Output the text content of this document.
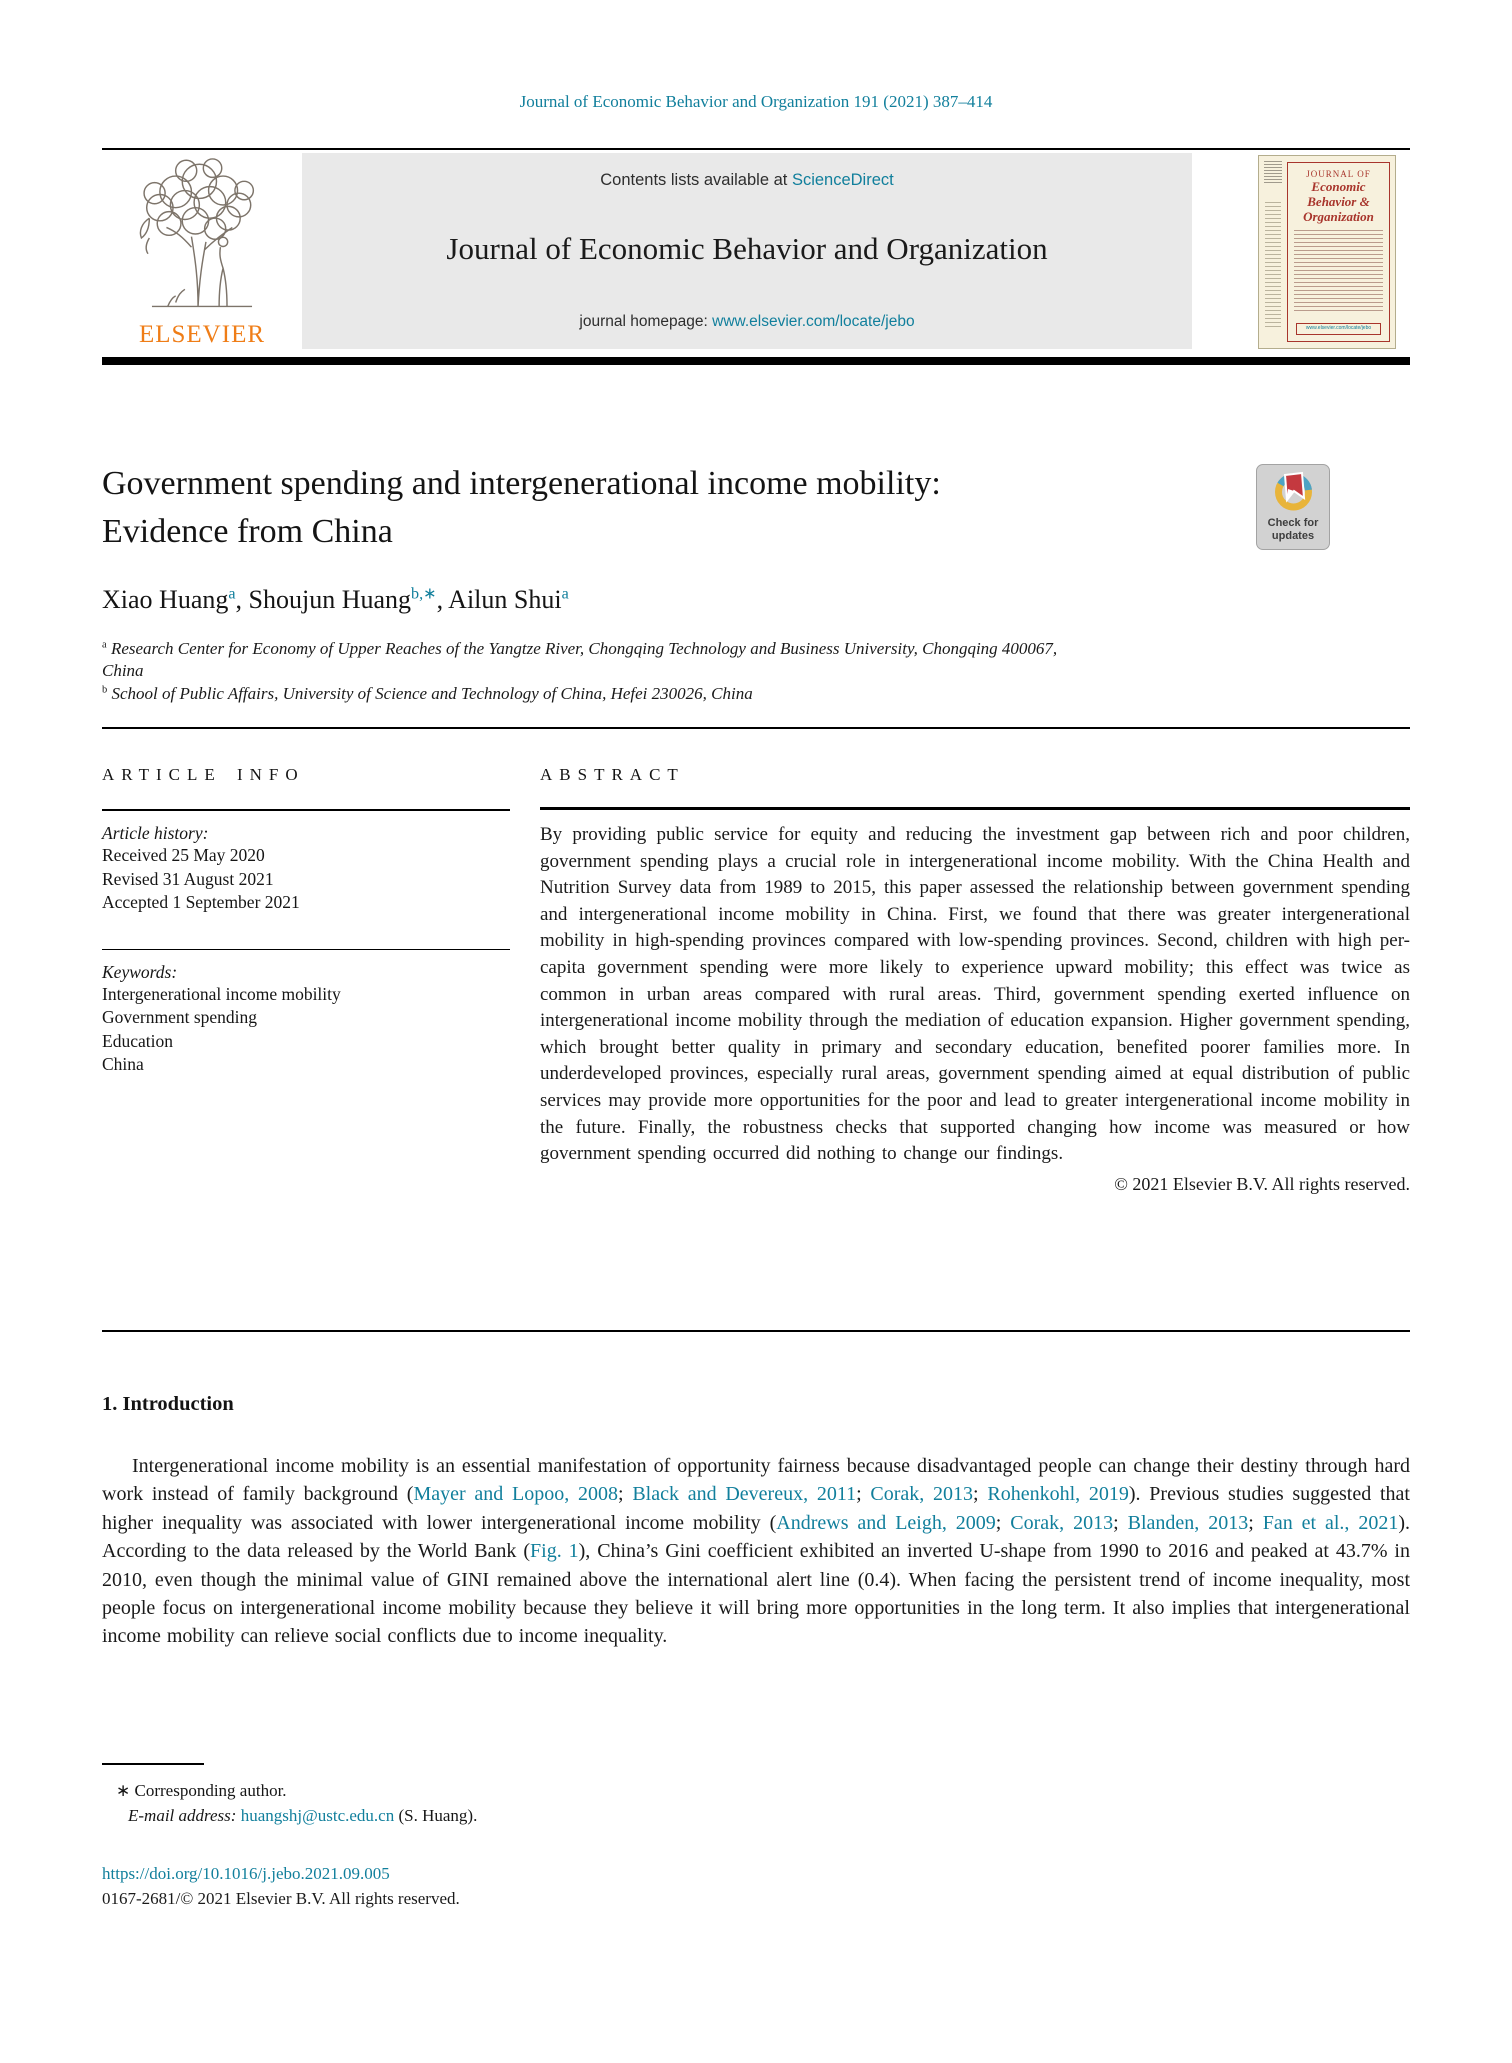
Journal of Economic Behavior and Organization 191 (2021) 387–414
ELSEVIER
Contents lists available at ScienceDirect
Journal of Economic Behavior and Organization
journal homepage: www.elsevier.com/locate/jebo
JOURNAL OF
Economic
Behavior &
Organization
www.elsevier.com/locate/jebo
Government spending and intergenerational income mobility:
Evidence from China	Check for
updates
Xiao Huang$^a$, Shoujun Huang$^{b,∗}$, Ailun Shui$^a$
$^a$ Research Center for Economy of Upper Reaches of the Yangtze River, Chongqing Technology and Business University, Chongqing 400067, China
$^b$ School of Public Affairs, University of Science and Technology of China, Hefei 230026, China
ARTICLE INFO
Article history:
Received 25 May 2020
Revised 31 August 2021
Accepted 1 September 2021
Keywords:
Intergenerational income mobility
Government spending
Education
China
ABSTRACT
By providing public service for equity and reducing the investment gap between rich and poor children, government spending plays a crucial role in intergenerational income mobility. With the China Health and Nutrition Survey data from 1989 to 2015, this paper assessed the relationship between government spending and intergenerational income mobility in China. First, we found that there was greater intergenerational mobility in high-spending provinces compared with low-spending provinces. Second, children with high per-capita government spending were more likely to experience upward mobility; this effect was twice as common in urban areas compared with rural areas. Third, government spending exerted influence on intergenerational income mobility through the mediation of education expansion. Higher government spending, which brought better quality in primary and secondary education, benefited poorer families more. In underdeveloped provinces, especially rural areas, government spending aimed at equal distribution of public services may provide more opportunities for the poor and lead to greater intergenerational income mobility in the future. Finally, the robustness checks that supported changing how income was measured or how government spending occurred did nothing to change our findings.
© 2021 Elsevier B.V. All rights reserved.
1. Introduction
Intergenerational income mobility is an essential manifestation of opportunity fairness because disadvantaged people can change their destiny through hard work instead of family background (Mayer and Lopoo, 2008; Black and Devereux, 2011; Corak, 2013; Rohenkohl, 2019). Previous studies suggested that higher inequality was associated with lower intergenerational income mobility (Andrews and Leigh, 2009; Corak, 2013; Blanden, 2013; Fan et al., 2021). According to the data released by the World Bank (Fig. 1), China’s Gini coefficient exhibited an inverted U-shape from 1990 to 2016 and peaked at 43.7% in 2010, even though the minimal value of GINI remained above the international alert line (0.4). When facing the persistent trend of income inequality, most people focus on intergenerational income mobility because they believe it will bring more opportunities in the long term. It also implies that intergenerational income mobility can relieve social conflicts due to income inequality.
∗ Corresponding author.
E-mail address: huangshj@ustc.edu.cn (S. Huang).
https://doi.org/10.1016/j.jebo.2021.09.005
0167-2681/© 2021 Elsevier B.V. All rights reserved.
